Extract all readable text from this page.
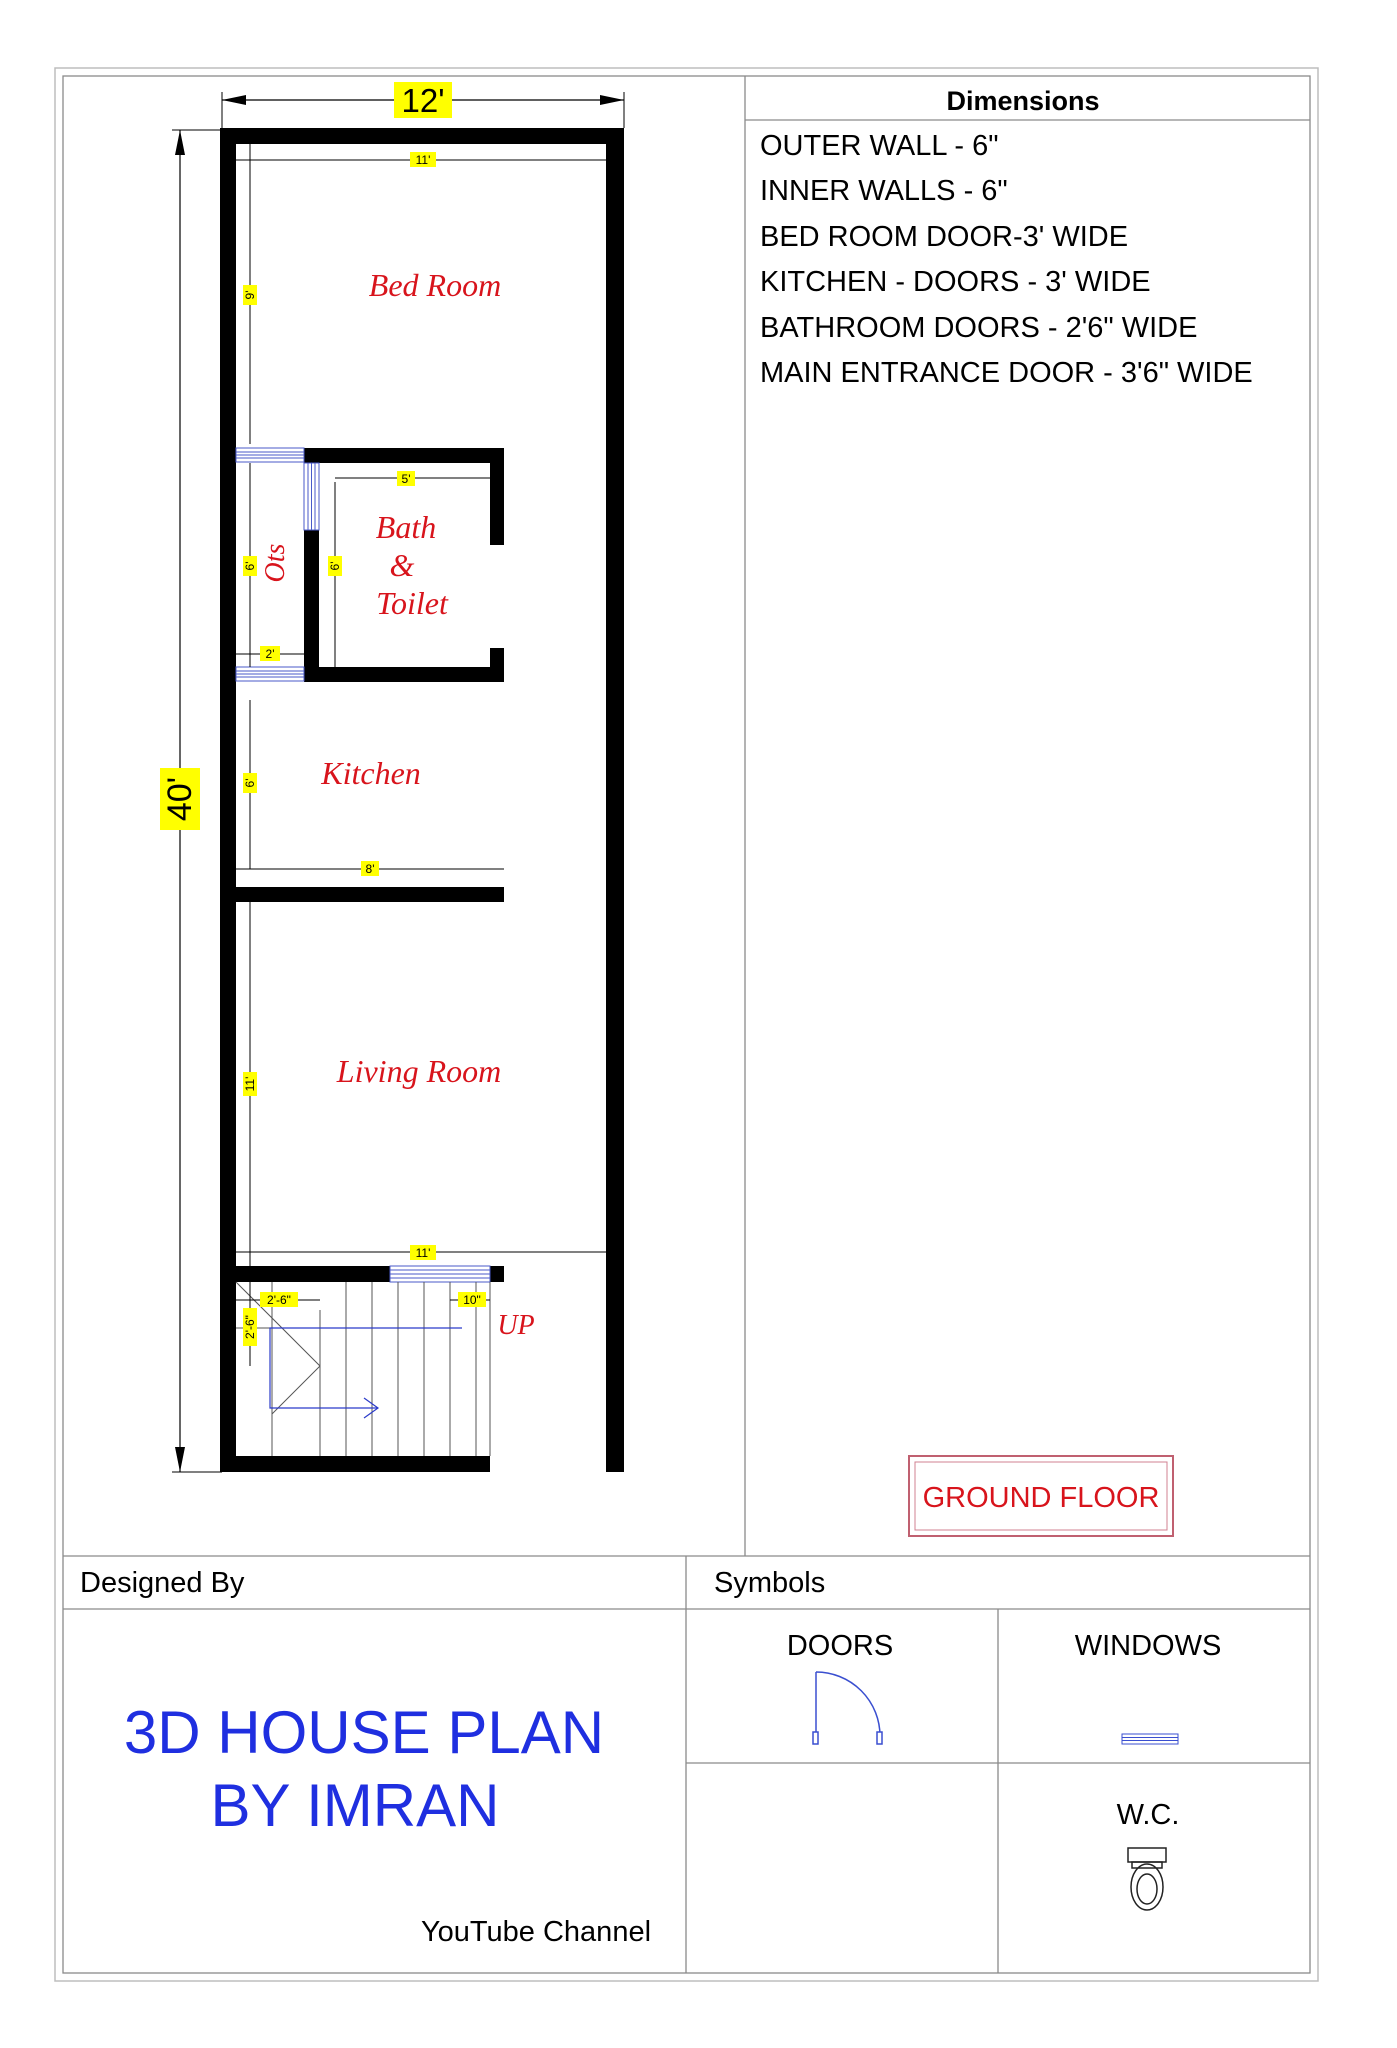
12'
40'
11'
9'
5'
6'
6'
2'
6'
8'
11'
11'
2'-6"
2'-6"
10"
Bed Room
Bath
&
Toilet
Ots
Kitchen
Living Room
UP
Dimensions
OUTER WALL - 6"
INNER WALLS - 6"
BED ROOM DOOR-3' WIDE
KITCHEN - DOORS - 3' WIDE
BATHROOM DOORS - 2'6" WIDE
MAIN ENTRANCE DOOR - 3'6" WIDE
GROUND FLOOR
Designed By
3D HOUSE PLAN
BY IMRAN
YouTube Channel
Symbols
DOORS	WINDOWS
W.C.
